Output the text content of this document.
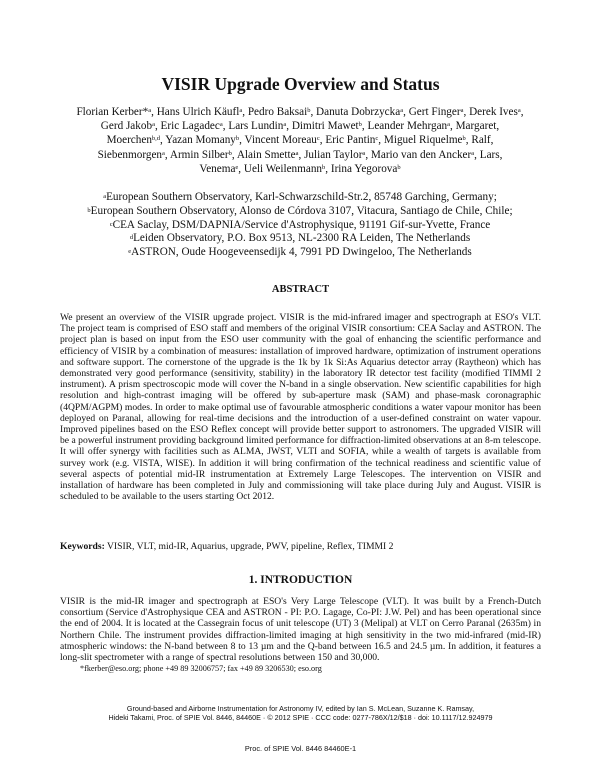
VISIR Upgrade Overview and Status
Florian Kerber*$^a$, Hans Ulrich Käufl$^a$, Pedro Baksai$^b$, Danuta Dobrzycka$^a$, Gert Finger$^a$, Derek Ives$^a$,
Gerd Jakob$^a$, Eric Lagadec$^a$, Lars Lundin$^a$, Dimitri Mawet$^b$, Leander Mehrgan$^a$, Margaret,
Moerchen$^{b,d}$, Yazan Momany$^b$, Vincent Moreau$^c$, Eric Pantin$^c$, Miguel Riquelme$^b$, Ralf,
Siebenmorgen$^a$, Armin Silber$^b$, Alain Smette$^a$, Julian Taylor$^a$, Mario van den Ancker$^a$, Lars,
Venema$^e$, Ueli Weilenmann$^b$, Irina Yegorova$^b$
$^a$European Southern Observatory, Karl-Schwarzschild-Str.2, 85748 Garching, Germany;
$^b$European Southern Observatory, Alonso de Córdova 3107, Vitacura, Santiago de Chile, Chile;
$^c$CEA Saclay, DSM/DAPNIA/Service d'Astrophysique, 91191 Gif-sur-Yvette, France
$^d$Leiden Observatory, P.O. Box 9513, NL-2300 RA Leiden, The Netherlands
$^e$ASTRON, Oude Hoogeveensedijk 4, 7991 PD Dwingeloo, The Netherlands
ABSTRACT
We present an overview of the VISIR upgrade project. VISIR is the mid-infrared imager and spectrograph at ESO's VLT. The project team is comprised of ESO staff and members of the original VISIR consortium: CEA Saclay and ASTRON. The project plan is based on input from the ESO user community with the goal of enhancing the scientific performance and efficiency of VISIR by a combination of measures: installation of improved hardware, optimization of instrument operations and software support. The cornerstone of the upgrade is the 1k by 1k Si:As Aquarius detector array (Raytheon) which has demonstrated very good performance (sensitivity, stability) in the laboratory IR detector test facility (modified TIMMI 2 instrument). A prism spectroscopic mode will cover the N-band in a single observation. New scientific capabilities for high resolution and high-contrast imaging will be offered by sub-aperture mask (SAM) and phase-mask coronagraphic (4QPM/AGPM) modes. In order to make optimal use of favourable atmospheric conditions a water vapour monitor has been deployed on Paranal, allowing for real-time decisions and the introduction of a user-defined constraint on water vapour. Improved pipelines based on the ESO Reflex concept will provide better support to astronomers. The upgraded VISIR will be a powerful instrument providing background limited performance for diffraction-limited observations at an 8-m telescope. It will offer synergy with facilities such as ALMA, JWST, VLTI and SOFIA, while a wealth of targets is available from survey work (e.g. VISTA, WISE). In addition it will bring confirmation of the technical readiness and scientific value of several aspects of potential mid-IR instrumentation at Extremely Large Telescopes. The intervention on VISIR and installation of hardware has been completed in July and commissioning will take place during July and August. VISIR is scheduled to be available to the users starting Oct 2012.
Keywords: VISIR, VLT, mid-IR, Aquarius, upgrade, PWV, pipeline, Reflex, TIMMI 2
1. INTRODUCTION
VISIR is the mid-IR imager and spectrograph at ESO's Very Large Telescope (VLT). It was built by a French-Dutch consortium (Service d'Astrophysique CEA and ASTRON - PI: P.O. Lagage, Co-PI: J.W. Pel) and has been operational since the end of 2004. It is located at the Cassegrain focus of unit telescope (UT) 3 (Melipal) at VLT on Cerro Paranal (2635m) in Northern Chile. The instrument provides diffraction-limited imaging at high sensitivity in the two mid-infrared (mid-IR) atmospheric windows: the N-band between 8 to 13 µm and the Q-band between 16.5 and 24.5 µm. In addition, it features a long-slit spectrometer with a range of spectral resolutions between 150 and 30,000.
*fkerber@eso.org; phone +49 89 32006757; fax +49 89 3206530; eso.org
Ground-based and Airborne Instrumentation for Astronomy IV, edited by Ian S. McLean, Suzanne K. Ramsay,
Hideki Takami, Proc. of SPIE Vol. 8446, 84460E · © 2012 SPIE · CCC code: 0277-786X/12/$18 · doi: 10.1117/12.924979
Proc. of SPIE Vol. 8446 84460E-1
